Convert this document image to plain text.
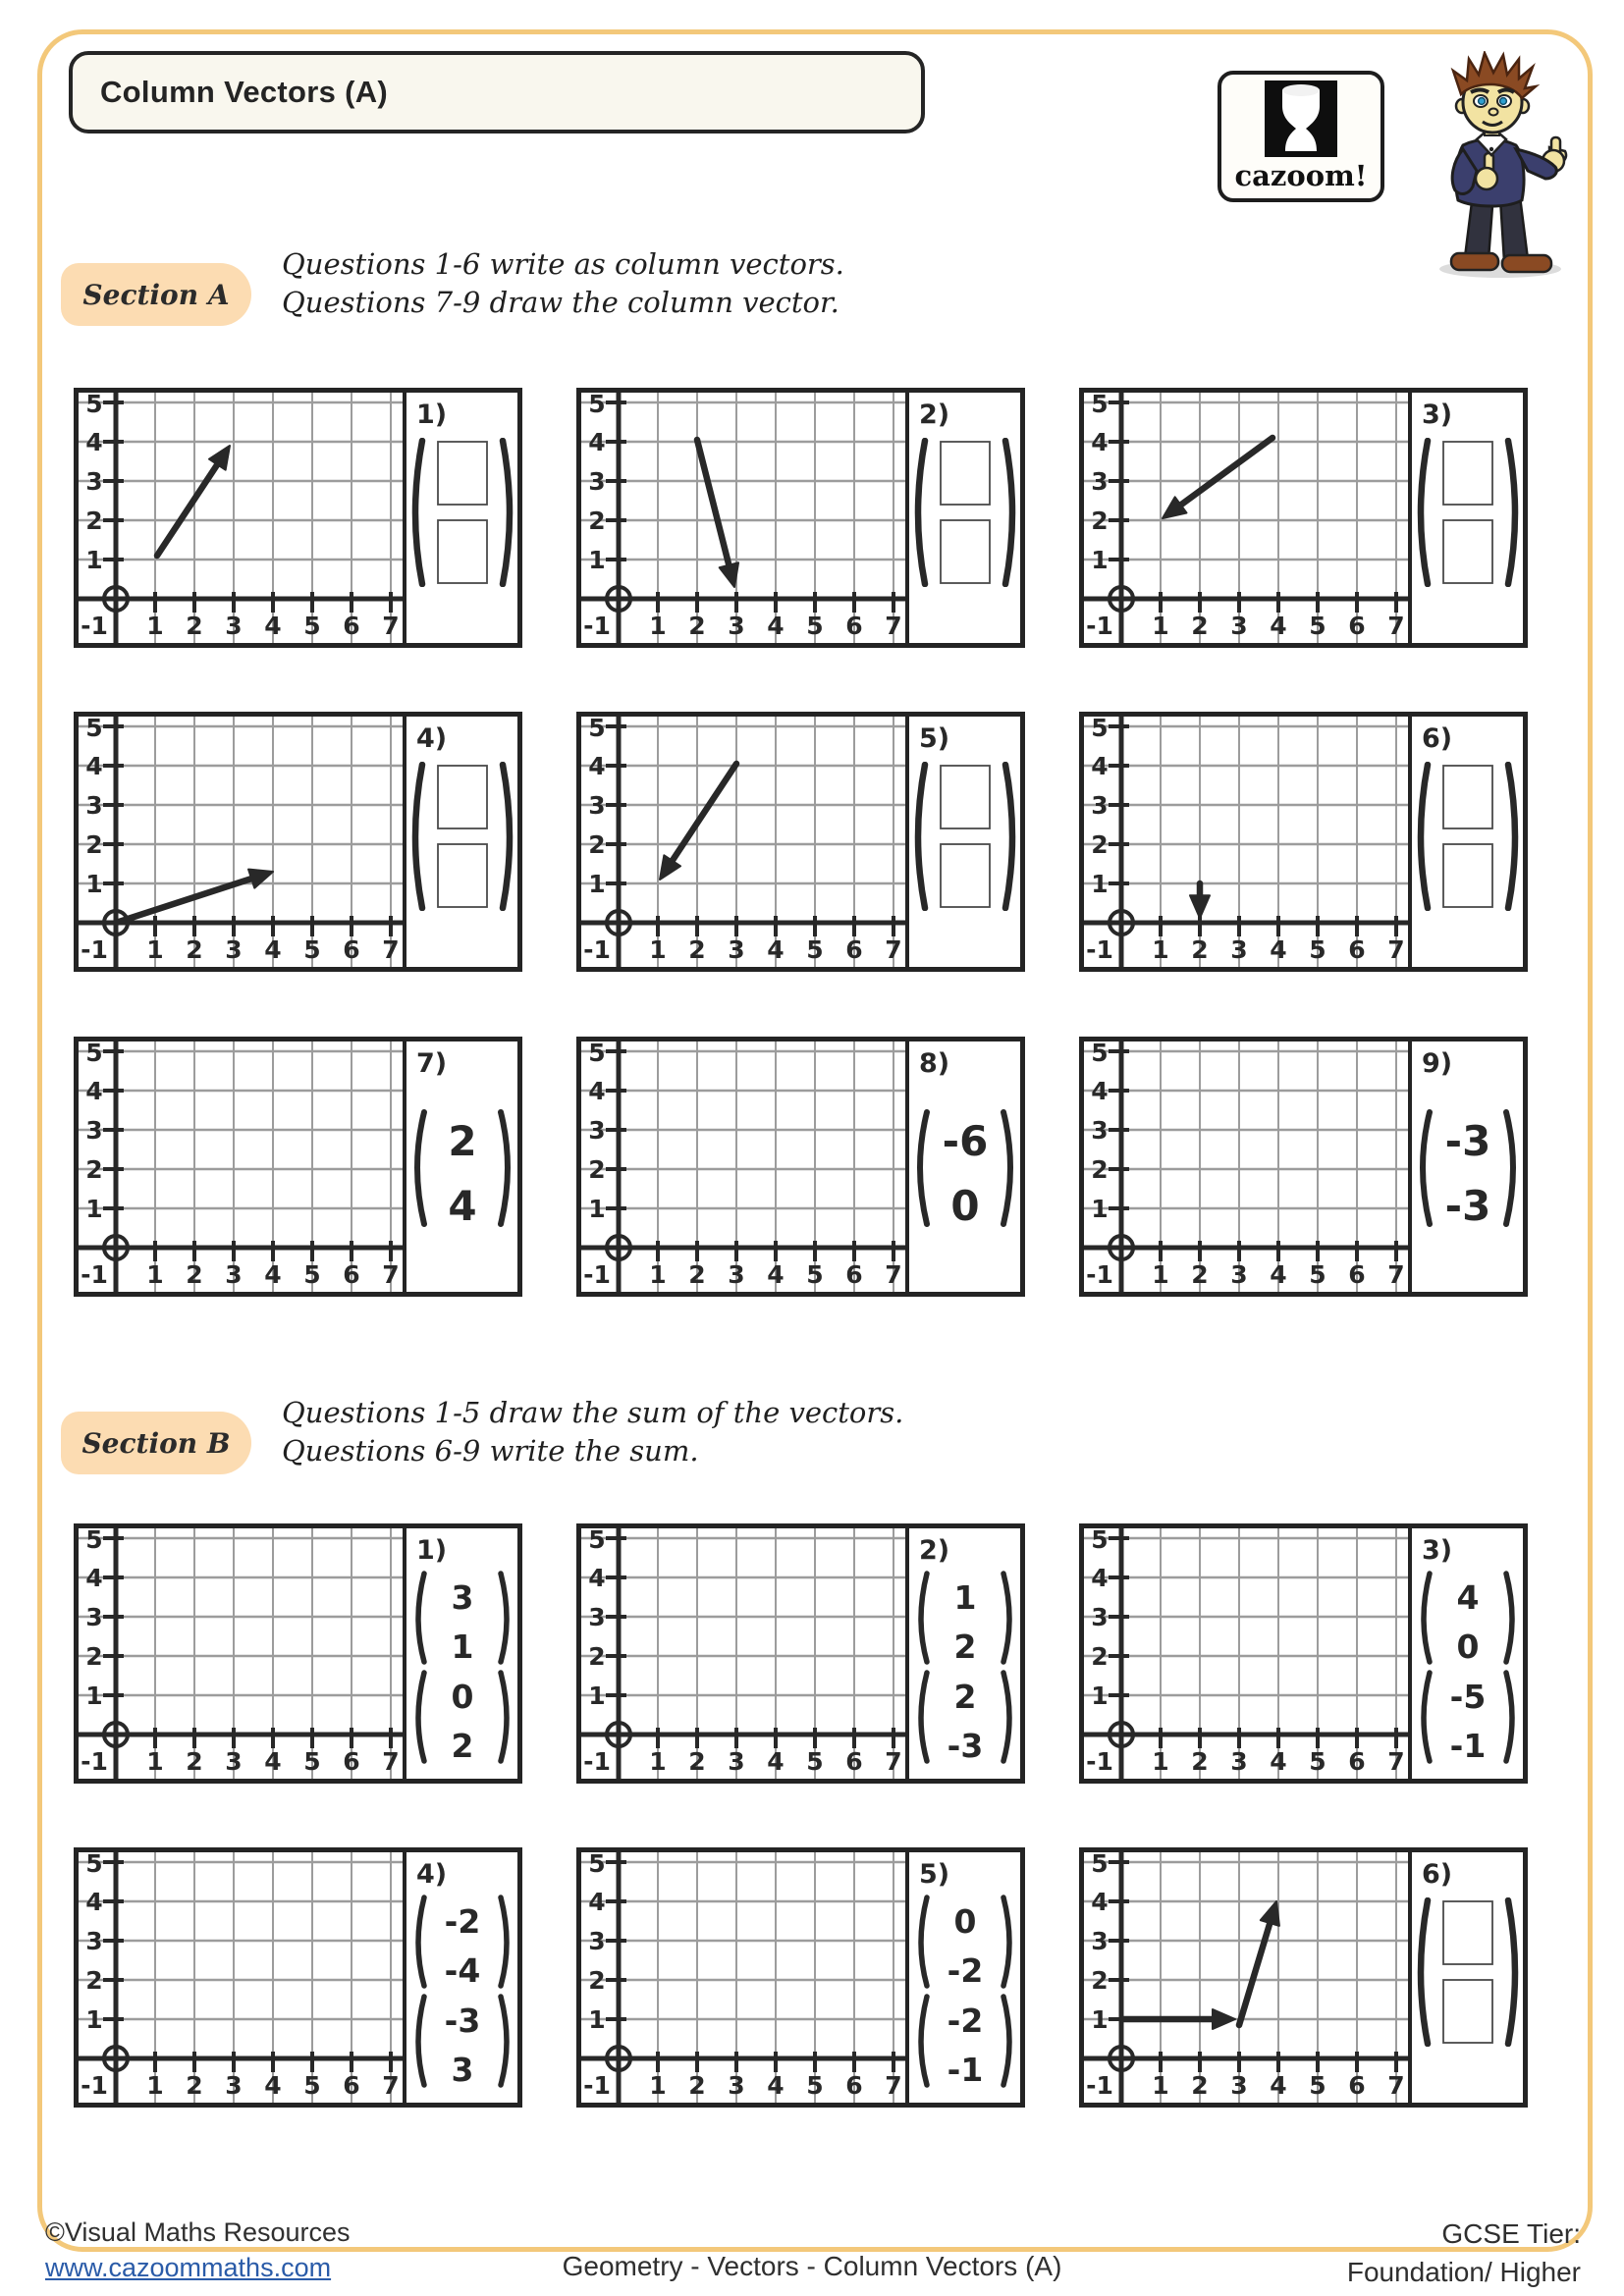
Column Vectors (A)
cazoom!
Section A
Questions 1-6 write as column vectors.
Questions 7-9 draw the column vector.
1
2
3
4
5
-1 1 2 3 4 5 6 7
1)
1
2
3
4
5
-1 1 2 3 4 5 6 7
2)
1
2
3
4
5
-1 1 2 3 4 5 6 7
3)
1
2
3
4
5
-1 1 2 3 4 5 6 7
4)
1
2
3
4
5
-1 1 2 3 4 5 6 7
5)
1
2
3
4
5
-1 1 2 3 4 5 6 7
6)
1
2
3
4
5
-1 1 2 3 4 5 6 7
7)
2
4	1
2
3
4
5
-1 1 2 3 4 5 6 7
8)
-6
0	1
2
3
4
5
-1 1 2 3 4 5 6 7
9)
-3
-3
Section B
Questions 1-5 draw the sum of the vectors.
Questions 6-9 write the sum.
1
2
3
4
5
-1 1 2 3 4 5 6 7
1)
3
1
0
2
1
2
3
4
5
-1 1 2 3 4 5 6 7
2)
1
2
2
-3
1
2
3
4
5
-1 1 2 3 4 5 6 7
3)
4
0
-5
-1
1
2
3
4
5
-1 1 2 3 4 5 6 7
4)
-2
-4
-3
3
1
2
3
4
5
-1 1 2 3 4 5 6 7
5)
0
-2
-2
-1
1
2
3
4
5
-1 1 2 3 4 5 6 7
6)
©Visual Maths Resources
www.cazoommaths.com	Geometry - Vectors - Column Vectors (A)
GCSE Tier:
Foundation/ Higher
